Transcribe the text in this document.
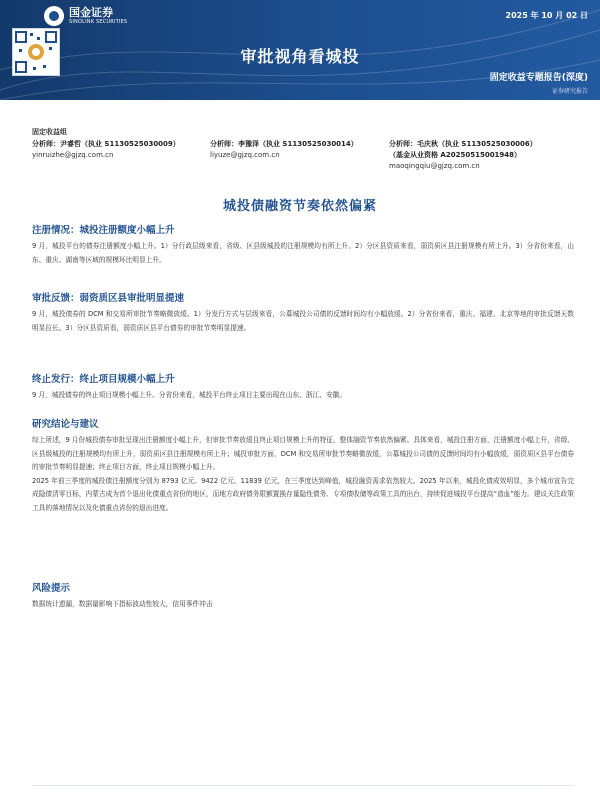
国金证券
SINOLINK SECURITIES
2025 年 10 月 02 日
审批视角看城投
固定收益专题报告(深度)
证券研究报告
固定收益组
分析师：尹睿哲（执业 S1130525030009）
yinruizhe@gjzq.com.cn
分析师：李豫泽（执业 S1130525030014）
liyuze@gjzq.com.cn
分析师：毛庆秋（执业 S1130525030006）
（基金从业资格 A20250515001948）
maoqingqiu@gjzq.com.cn
城投债融资节奏依然偏紧
注册情况：城投注册额度小幅上升

9 月，城投平台的债券注册额度小幅上升。1）分行政层级来看，省级、区县级城投的注册规模均有所上升。2）分区县资质来看，弱资质区县注册规模有所上升。3）分省份来看，山东、重庆、湖南等区域的规模环比明显上升。

审批反馈：弱资质区县审批明显提速

9 月，城投债券的 DCM 和交易所审批节奏略微放缓。1）分发行方式与层级来看，公募城投公司债的反馈时间均有小幅放缓。2）分省份来看，重庆、福建、北京等地的审批反馈天数明显拉长。3）分区县资质看，弱资质区县平台债券的审批节奏明显提速。

终止发行：终止项目规模小幅上升

9 月，城投债券的终止项目规模小幅上升。分省份来看，城投平台终止项目主要出现在山东、浙江、安徽。

研究结论与建议

综上所述，9 月份城投债券审批呈现出注册额度小幅上升，但审批节奏放缓且终止项目规模上升的特征，整体融资节奏依然偏紧。具体来看，城投注册方面，注册额度小幅上升，省级、区县级城投的注册规模均有所上升，弱资质区县注册规模有所上升；城投审批方面，DCM 和交易所审批节奏略微放缓，公募城投公司债的反馈时间均有小幅放缓，弱资质区县平台债券的审批节奏明显提速；终止项目方面，终止项目规模小幅上升。

2025 年前三季度的城投债注册额度分别为 8793 亿元、9422 亿元、11839 亿元，在三季度达到峰值，城投融资需求依然较大。2025 年以来，城投化债成效明显，多个城市宣告完成隐债清零目标，内蒙古成为首个退出化债重点省份的地区，而地方政府债务限额置换存量隐性债务、专项债收储等政策工具的出台，持续促进城投平台提高“造血”能力。建议关注政策工具的落地情况以及化债重点省份的退出进度。

风险提示

数据统计遗漏，数据量影响下指标波动性较大，信用事件冲击
